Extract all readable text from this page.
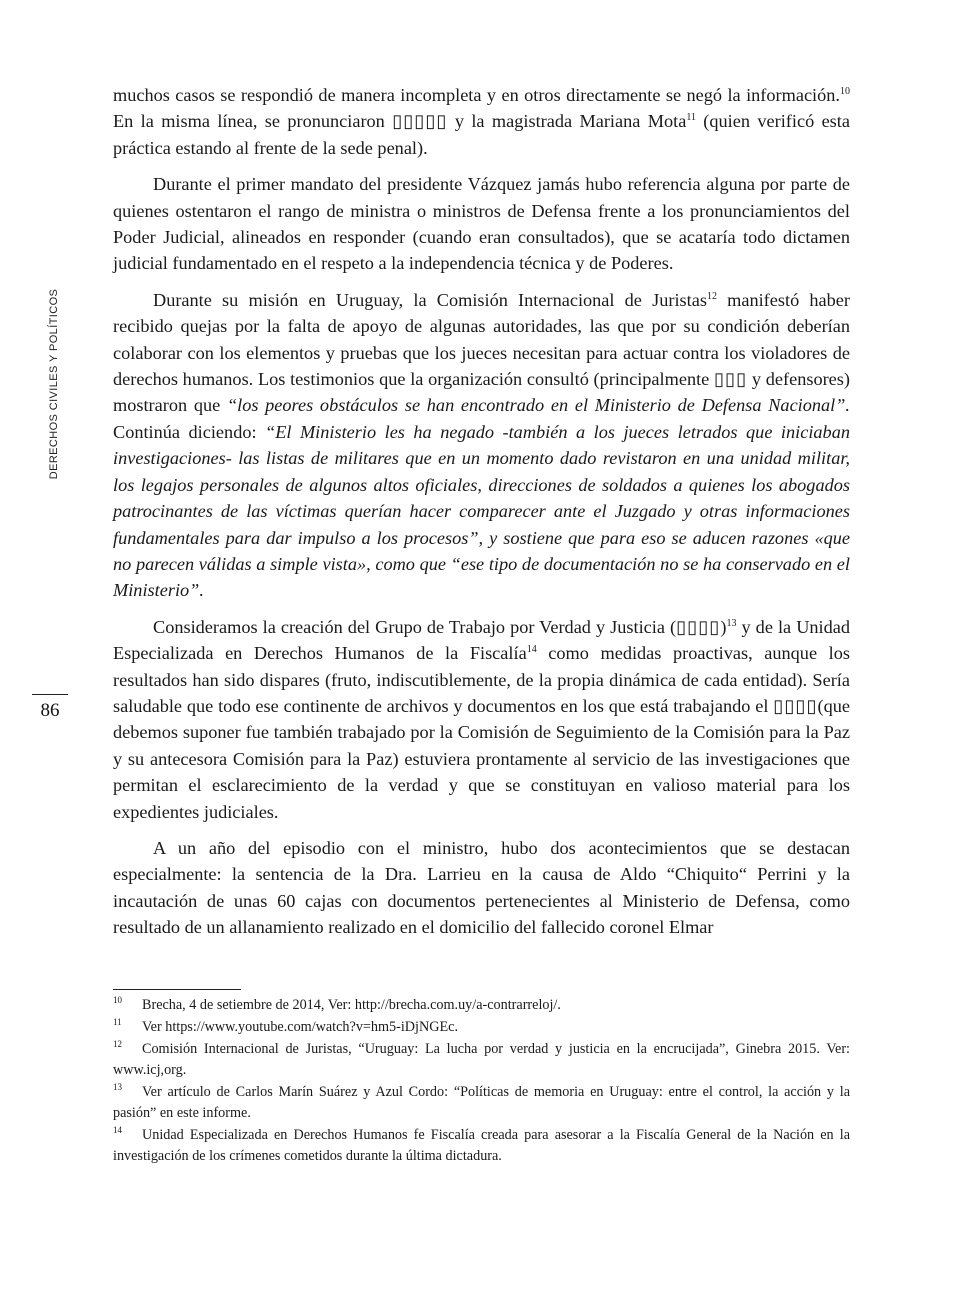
DERECHOS CIVILES Y POLÍTICOS
86

muchos casos se respondió de manera incompleta y en otros directamente se negó la información.$^{10}$ En la misma línea, se pronunciaron ▯▯▯▯▯ y la magistrada Mariana Mota$^{11}$ (quien verificó esta práctica estando al frente de la sede penal).

Durante el primer mandato del presidente Vázquez jamás hubo referencia alguna por parte de quienes ostentaron el rango de ministra o ministros de Defensa frente a los pronunciamientos del Poder Judicial, alineados en responder (cuando eran consultados), que se acataría todo dictamen judicial fundamentado en el respeto a la independencia técnica y de Poderes.

Durante su misión en Uruguay, la Comisión Internacional de Juristas$^{12}$ manifestó haber recibido quejas por la falta de apoyo de algunas autoridades, las que por su condición deberían colaborar con los elementos y pruebas que los jueces necesitan para actuar contra los violadores de derechos humanos. Los testimonios que la organización consultó (principalmente ▯▯▯ y defensores) mostraron que “los peores obstáculos se han encontrado en el Ministerio de Defensa Nacional”. Continúa diciendo: “El Ministerio les ha negado -también a los jueces letrados que iniciaban investigaciones- las listas de militares que en un momento dado revistaron en una unidad militar, los legajos personales de algunos altos oficiales, direcciones de soldados a quienes los abogados patrocinantes de las víctimas querían hacer comparecer ante el Juzgado y otras informaciones fundamentales para dar impulso a los procesos”, y sostiene que para eso se aducen razones «que no parecen válidas a simple vista», como que “ese tipo de documentación no se ha conservado en el Ministerio”.

Consideramos la creación del Grupo de Trabajo por Verdad y Justicia (▯▯▯▯)$^{13}$ y de la Unidad Especializada en Derechos Humanos de la Fiscalía$^{14}$ como medidas proactivas, aunque los resultados han sido dispares (fruto, indiscutiblemente, de la propia dinámica de cada entidad). Sería saludable que todo ese continente de archivos y documentos en los que está trabajando el ▯▯▯▯(que debemos suponer fue también trabajado por la Comisión de Seguimiento de la Comisión para la Paz y su antecesora Comisión para la Paz) estuviera prontamente al servicio de las investigaciones que permitan el esclarecimiento de la verdad y que se constituyan en valioso material para los expedientes judiciales.

A un año del episodio con el ministro, hubo dos acontecimientos que se destacan especialmente: la sentencia de la Dra. Larrieu en la causa de Aldo “Chiquito“ Perrini y la incautación de unas 60 cajas con documentos pertenecientes al Ministerio de Defensa, como resultado de un allanamiento realizado en el domicilio del fallecido coronel Elmar

10 Brecha, 4 de setiembre de 2014, Ver: http://brecha.com.uy/a-contrarreloj/.
11 Ver https://www.youtube.com/watch?v=hm5-iDjNGEc.
12 Comisión Internacional de Juristas, “Uruguay: La lucha por verdad y justicia en la encrucijada”, Ginebra 2015. Ver: www.icj,org.
13 Ver artículo de Carlos Marín Suárez y Azul Cordo: “Políticas de memoria en Uruguay: entre el control, la acción y la pasión” en este informe.
14 Unidad Especializada en Derechos Humanos fe Fiscalía creada para asesorar a la Fiscalía General de la Nación en la investigación de los crímenes cometidos durante la última dictadura.
